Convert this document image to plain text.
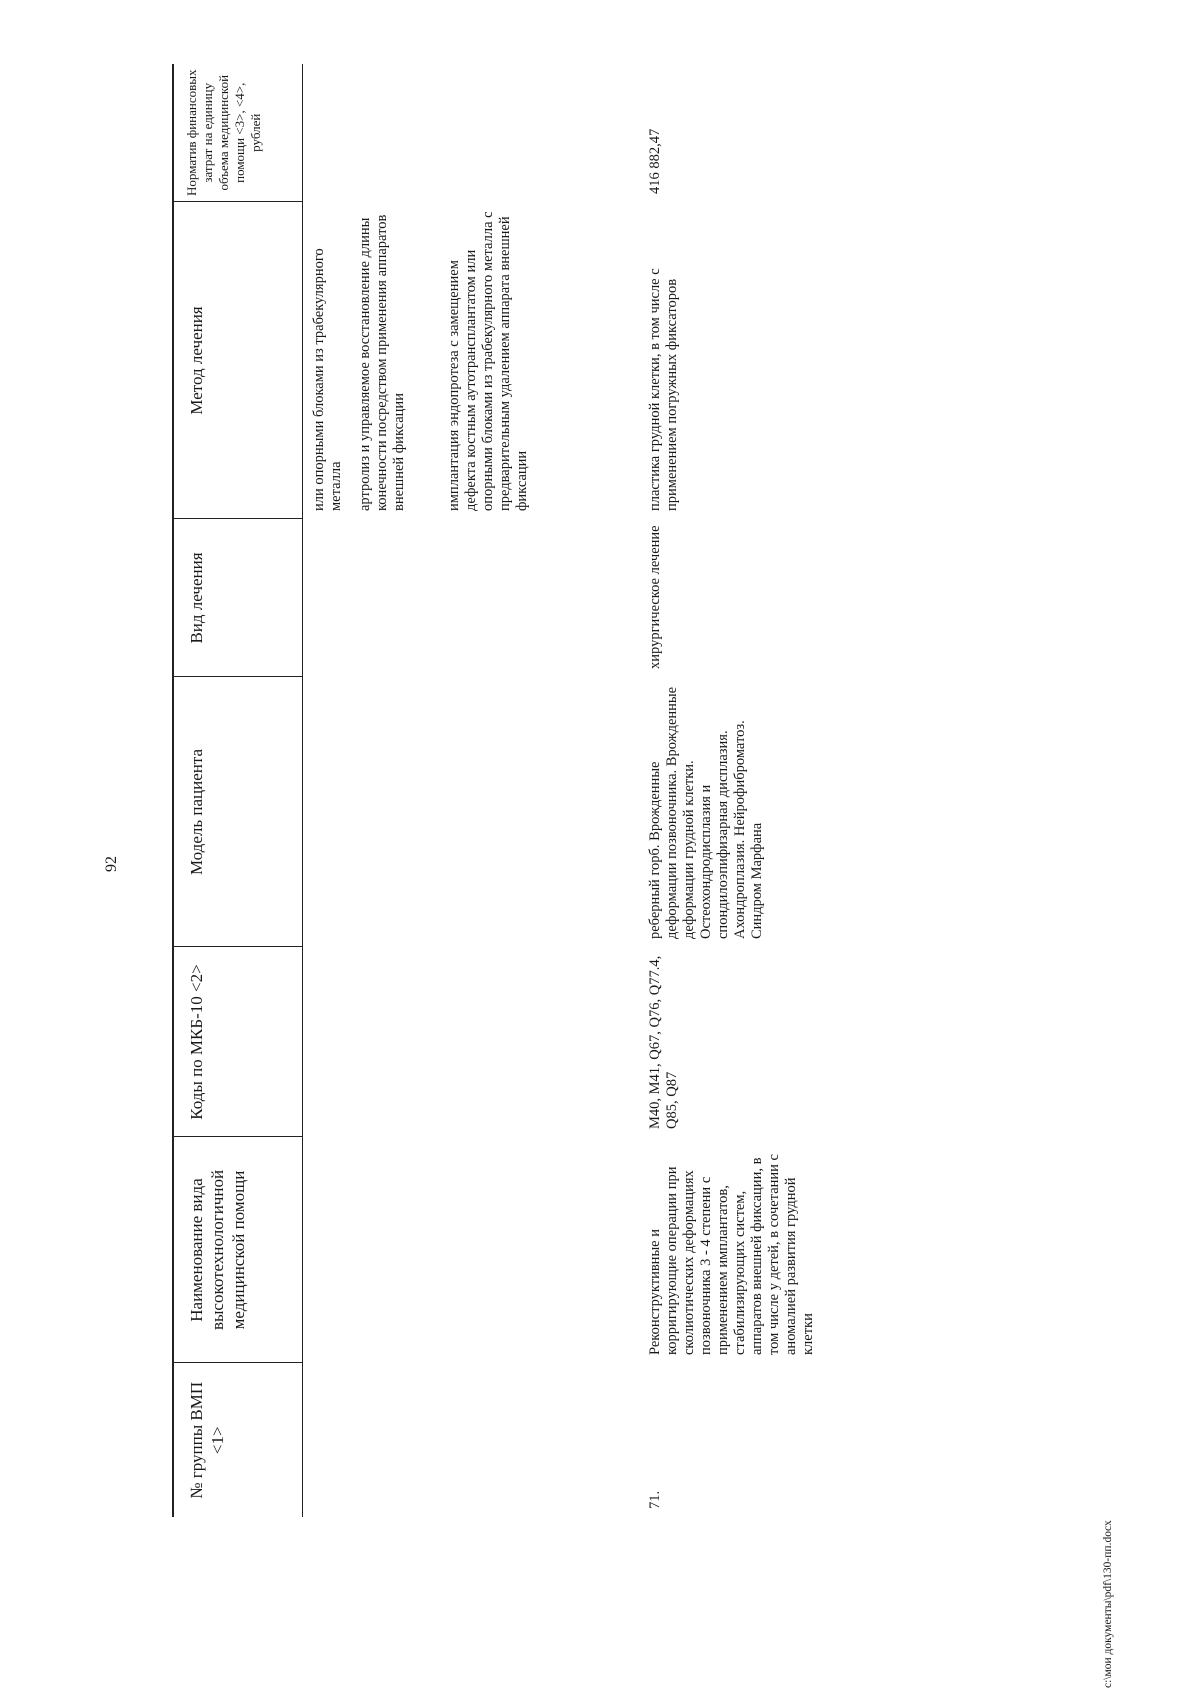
92
№ группы ВМП <1>	Наименование вида высокотехнологичной медицинской помощи	Коды по МКБ-10 <2>	Модель пациента	Вид лечения	Метод лечения	Норматив финансовых затрат на единицу объема медицинской помощи <3>, <4>, рублей

					или опорными блоками из трабекулярного металла артролиз и управляемое восстановление длины конечности посредством применения аппаратов внешней фиксации имплантация эндопротеза с замещением дефекта костным аутотрансплантатом или опорными блоками из трабекулярного металла с предварительным удалением аппарата внешней фиксации	

71.	Реконструктивные и корригирующие операции при сколиотических деформациях позвоночника 3 - 4 степени с применением имплантатов, стабилизирующих систем, аппаратов внешней фиксации, в том числе у детей, в сочетании с аномалией развития грудной клетки	M40, M41, Q67, Q76, Q77.4, Q85, Q87	реберный горб. Врожденные деформации позвоночника. Врожденные деформации грудной клетки. Остеохондродисплазия и спондилоэпифизарная дисплазия. Ахондроплазия. Нейрофиброматоз. Синдром Марфана	хирургическое лечение	пластика грудной клетки, в том числе с применением погружных фиксаторов	416 882,47
c:\мои документы\pdf\130-пп.docx
